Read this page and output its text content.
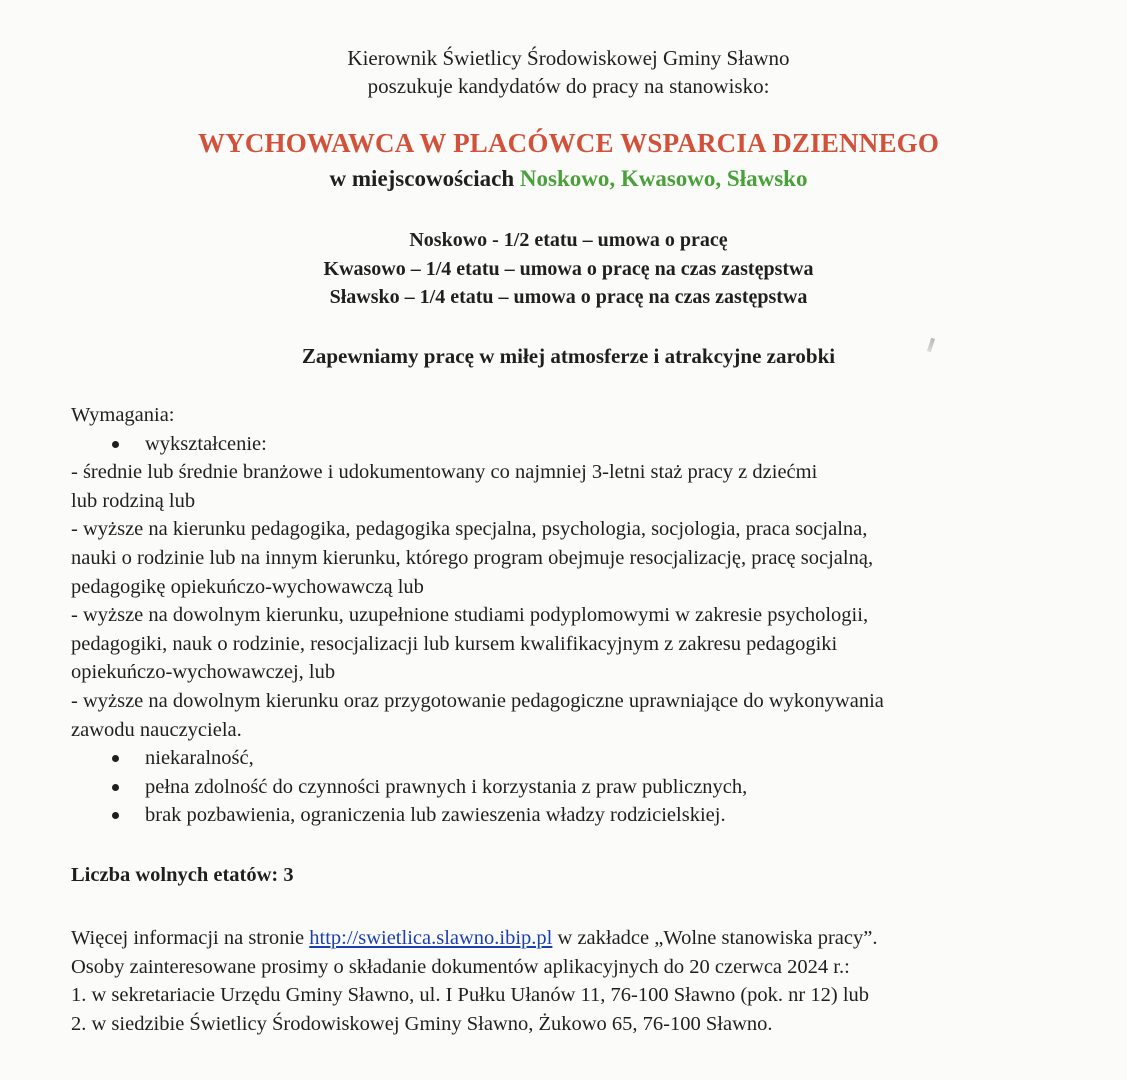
Kierownik Świetlicy Środowiskowej Gminy Sławno
poszukuje kandydatów do pracy na stanowisko:
WYCHOWAWCA W PLACÓWCE WSPARCIA DZIENNEGO
w miejscowościach Noskowo, Kwasowo, Sławsko
Noskowo - 1/2 etatu – umowa o pracę
Kwasowo – 1/4 etatu – umowa o pracę na czas zastępstwa
Sławsko – 1/4 etatu – umowa o pracę na czas zastępstwa
Zapewniamy pracę w miłej atmosferze i atrakcyjne zarobki
Wymagania:
wykształcenie:
- średnie lub średnie branżowe i udokumentowany co najmniej 3-letni staż pracy z dziećmi
lub rodziną lub
- wyższe na kierunku pedagogika, pedagogika specjalna, psychologia, socjologia, praca socjalna,
nauki o rodzinie lub na innym kierunku, którego program obejmuje resocjalizację, pracę socjalną,
pedagogikę opiekuńczo-wychowawczą lub
- wyższe na dowolnym kierunku, uzupełnione studiami podyplomowymi w zakresie psychologii,
pedagogiki, nauk o rodzinie, resocjalizacji lub kursem kwalifikacyjnym z zakresu pedagogiki
opiekuńczo-wychowawczej, lub
- wyższe na dowolnym kierunku oraz przygotowanie pedagogiczne uprawniające do wykonywania
zawodu nauczyciela.
niekaralność,
pełna zdolność do czynności prawnych i korzystania z praw publicznych,
brak pozbawienia, ograniczenia lub zawieszenia władzy rodzicielskiej.
Liczba wolnych etatów: 3
Więcej informacji na stronie http://swietlica.slawno.ibip.pl w zakładce „Wolne stanowiska pracy”.
Osoby zainteresowane prosimy o składanie dokumentów aplikacyjnych do 20 czerwca 2024 r.:
1. w sekretariacie Urzędu Gminy Sławno, ul. I Pułku Ułanów 11, 76-100 Sławno (pok. nr 12) lub
2. w siedzibie Świetlicy Środowiskowej Gminy Sławno, Żukowo 65, 76-100 Sławno.
